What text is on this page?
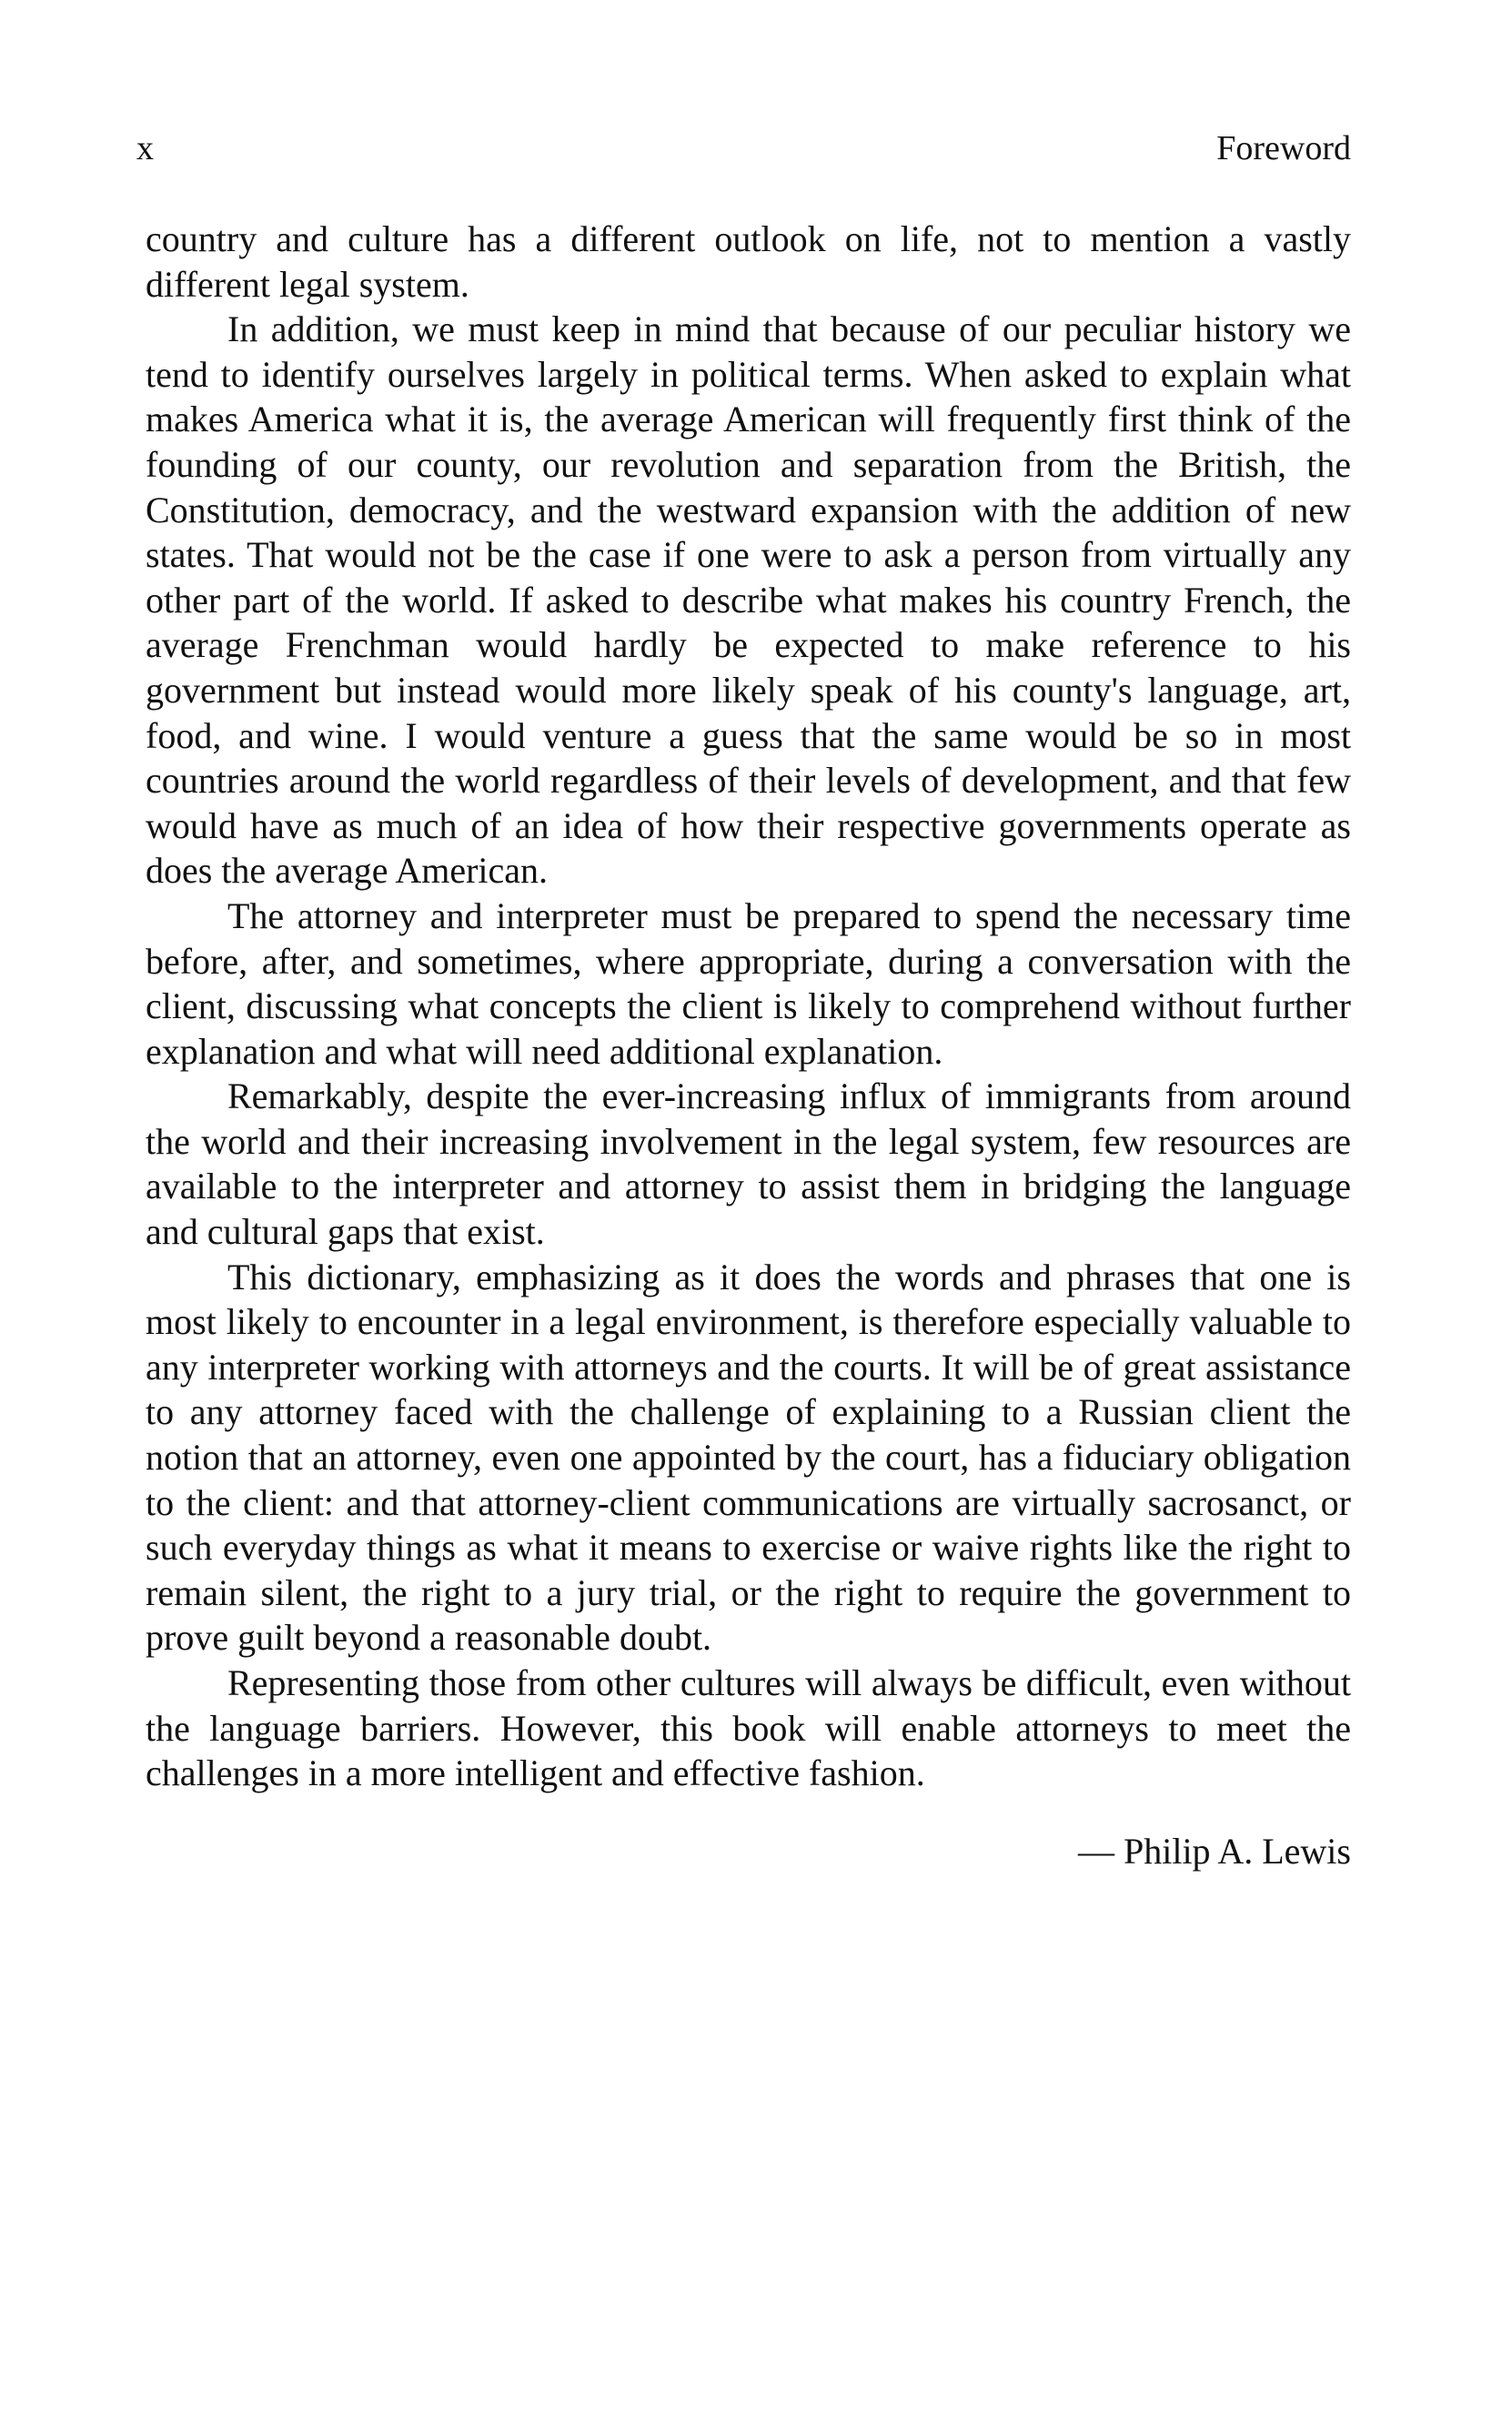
x	Foreword

country and culture has a different outlook on life, not to mention a vastly different legal system.

In addition, we must keep in mind that because of our peculiar history we tend to identify ourselves largely in political terms. When asked to explain what makes America what it is, the average American will frequently first think of the founding of our county, our revolution and separation from the British, the Constitution, democracy, and the westward expansion with the addition of new states. That would not be the case if one were to ask a person from virtually any other part of the world. If asked to describe what makes his country French, the average Frenchman would hardly be expected to make reference to his government but instead would more likely speak of his county's language, art, food, and wine. I would venture a guess that the same would be so in most countries around the world regardless of their levels of development, and that few would have as much of an idea of how their respective governments operate as does the average American.

The attorney and interpreter must be prepared to spend the necessary time before, after, and sometimes, where appropriate, during a conversation with the client, discussing what concepts the client is likely to comprehend without further explanation and what will need additional explanation.

Remarkably, despite the ever-increasing influx of immigrants from around the world and their increasing involvement in the legal system, few resources are available to the interpreter and attorney to assist them in bridging the language and cultural gaps that exist.

This dictionary, emphasizing as it does the words and phrases that one is most likely to encounter in a legal environment, is therefore especially valuable to any interpreter working with attorneys and the courts. It will be of great assistance to any attorney faced with the challenge of explaining to a Russian client the notion that an attorney, even one appointed by the court, has a fiduciary obligation to the client: and that attorney-client communications are virtually sacrosanct, or such everyday things as what it means to exercise or waive rights like the right to remain silent, the right to a jury trial, or the right to require the government to prove guilt beyond a reasonable doubt.

Representing those from other cultures will always be difficult, even without the language barriers. However, this book will enable attorneys to meet the challenges in a more intelligent and effective fashion.

— Philip A. Lewis
